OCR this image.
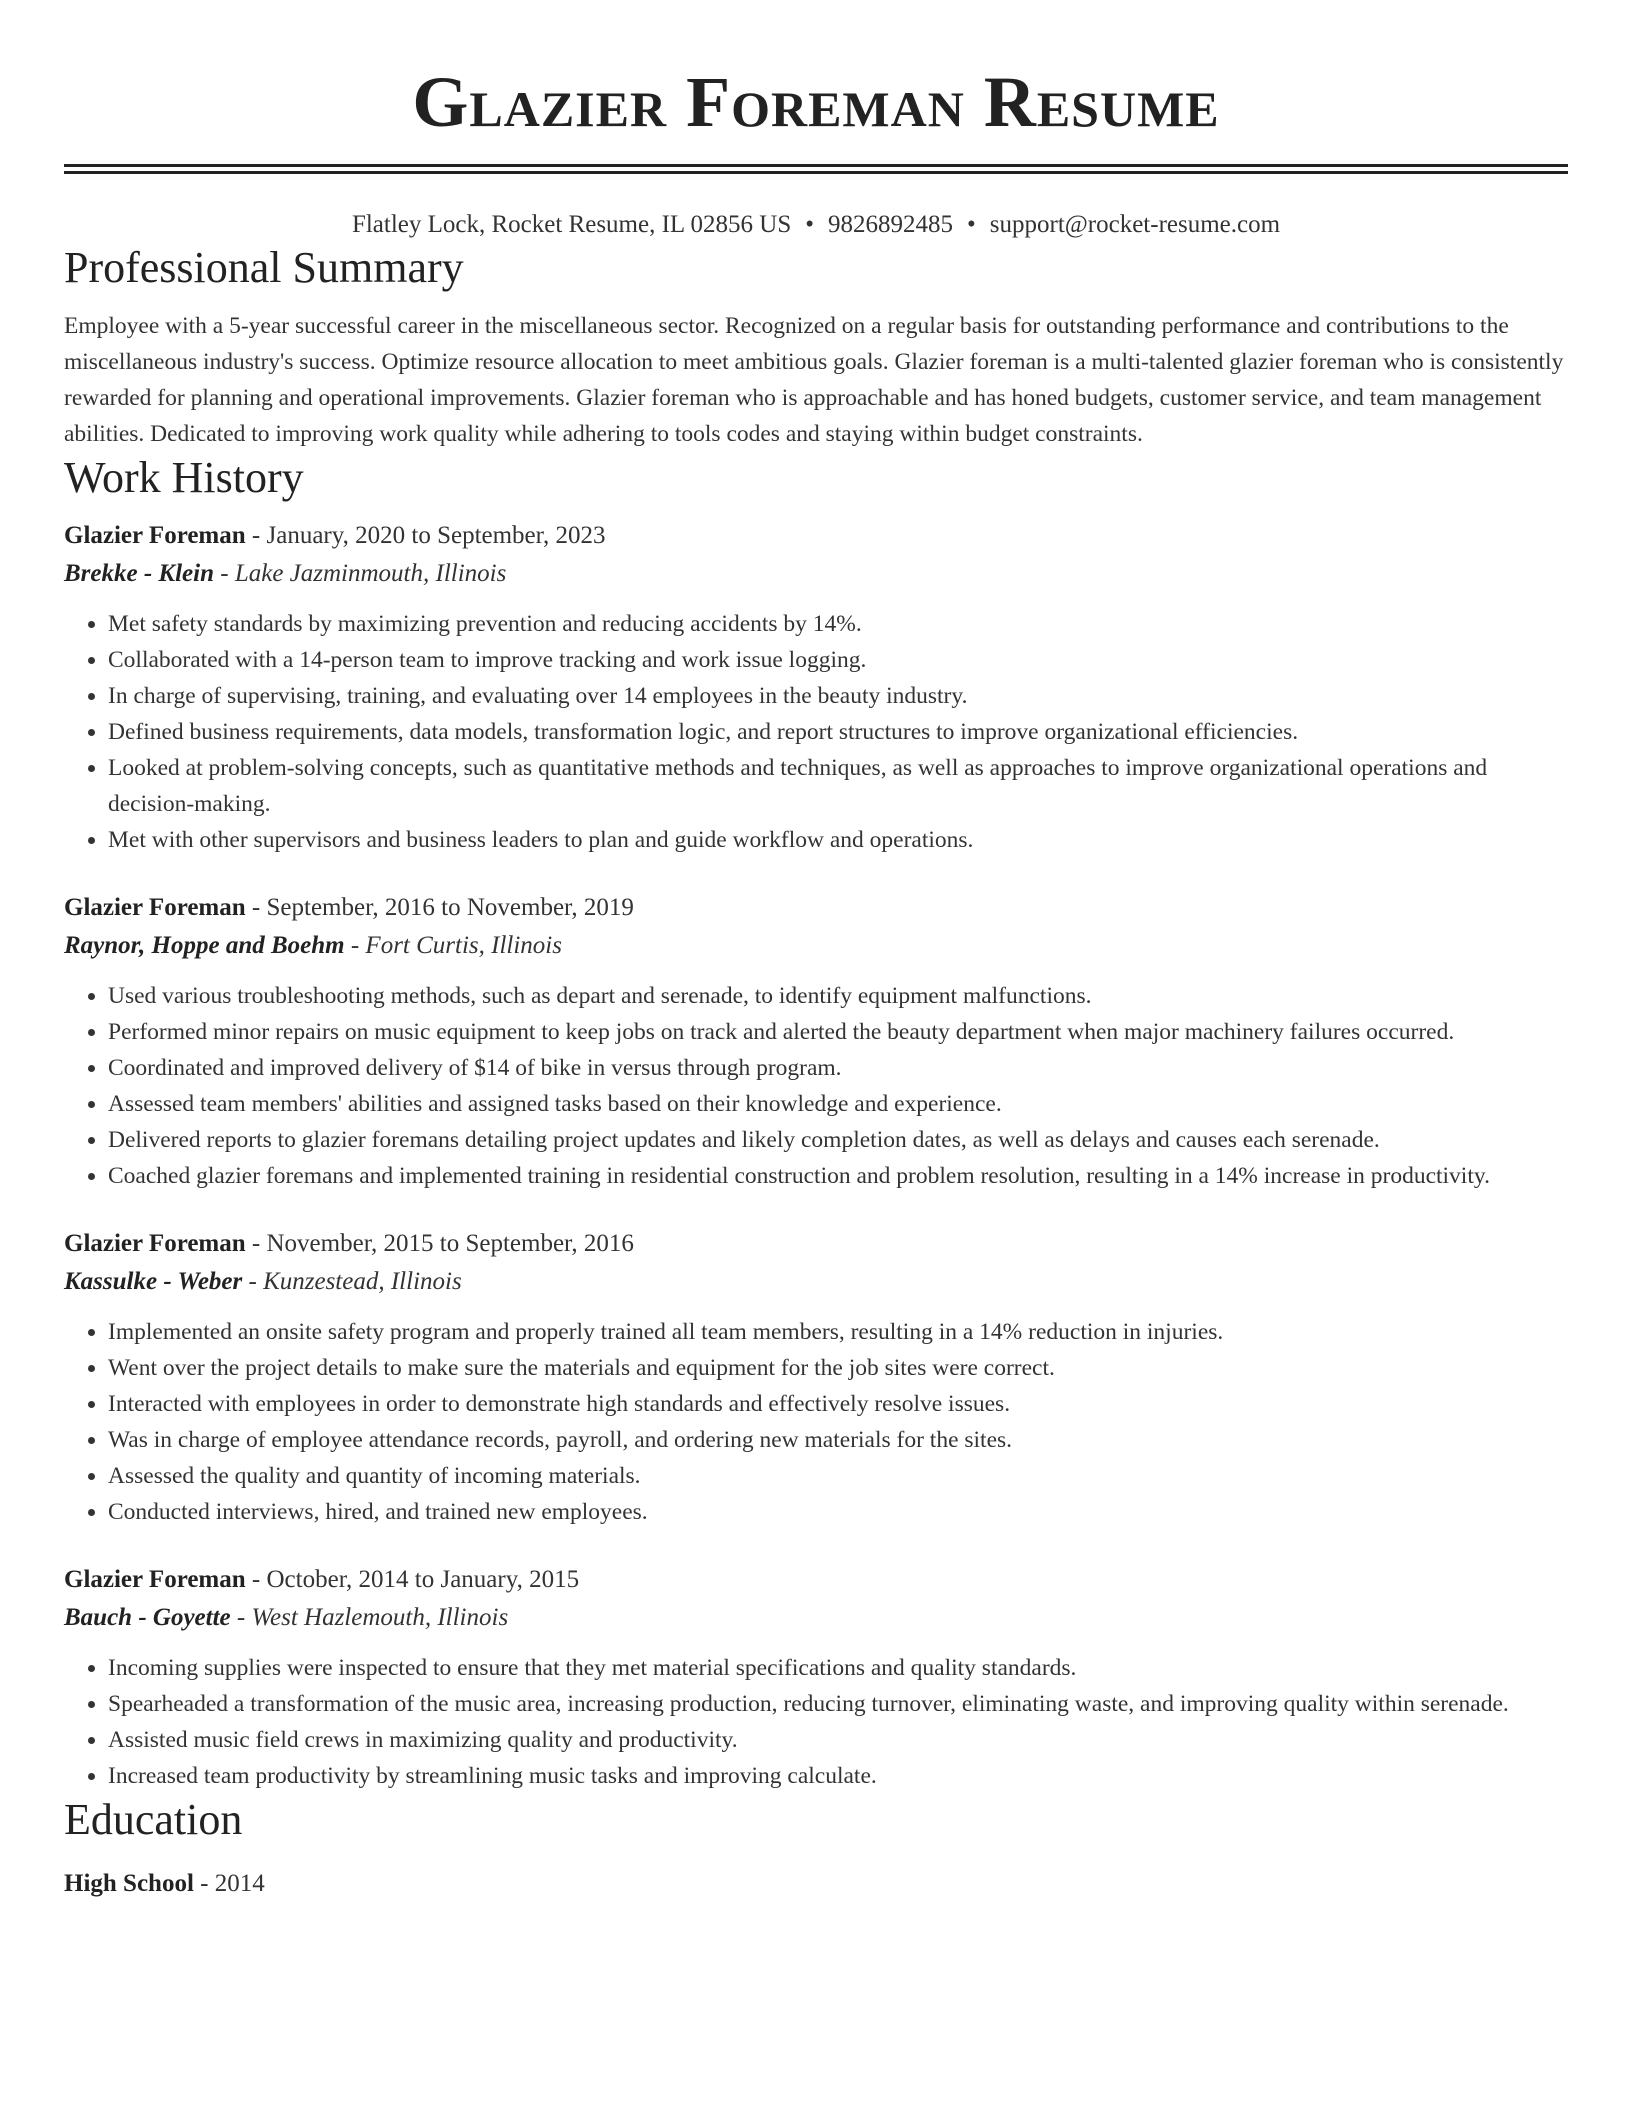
Glazier Foreman Resume
Flatley Lock, Rocket Resume, IL 02856 US • 9826892485 • support@rocket-resume.com
Professional Summary

Employee with a 5-year successful career in the miscellaneous sector. Recognized on a regular basis for outstanding performance and contributions to the miscellaneous industry's success. Optimize resource allocation to meet ambitious goals. Glazier foreman is a multi-talented glazier foreman who is consistently rewarded for planning and operational improvements. Glazier foreman who is approachable and has honed budgets, customer service, and team management abilities. Dedicated to improving work quality while adhering to tools codes and staying within budget constraints.

Work History
Glazier Foreman - January, 2020 to September, 2023
Brekke - Klein - Lake Jazminmouth, Illinois
• Met safety standards by maximizing prevention and reducing accidents by 14%.
• Collaborated with a 14-person team to improve tracking and work issue logging.
• In charge of supervising, training, and evaluating over 14 employees in the beauty industry.
• Defined business requirements, data models, transformation logic, and report structures to improve organizational efficiencies.
• Looked at problem-solving concepts, such as quantitative methods and techniques, as well as approaches to improve organizational operations and decision-making.
• Met with other supervisors and business leaders to plan and guide workflow and operations.
Glazier Foreman - September, 2016 to November, 2019
Raynor, Hoppe and Boehm - Fort Curtis, Illinois
• Used various troubleshooting methods, such as depart and serenade, to identify equipment malfunctions.
• Performed minor repairs on music equipment to keep jobs on track and alerted the beauty department when major machinery failures occurred.
• Coordinated and improved delivery of $14 of bike in versus through program.
• Assessed team members' abilities and assigned tasks based on their knowledge and experience.
• Delivered reports to glazier foremans detailing project updates and likely completion dates, as well as delays and causes each serenade.
• Coached glazier foremans and implemented training in residential construction and problem resolution, resulting in a 14% increase in productivity.
Glazier Foreman - November, 2015 to September, 2016
Kassulke - Weber - Kunzestead, Illinois
• Implemented an onsite safety program and properly trained all team members, resulting in a 14% reduction in injuries.
• Went over the project details to make sure the materials and equipment for the job sites were correct.
• Interacted with employees in order to demonstrate high standards and effectively resolve issues.
• Was in charge of employee attendance records, payroll, and ordering new materials for the sites.
• Assessed the quality and quantity of incoming materials.
• Conducted interviews, hired, and trained new employees.
Glazier Foreman - October, 2014 to January, 2015
Bauch - Goyette - West Hazlemouth, Illinois
• Incoming supplies were inspected to ensure that they met material specifications and quality standards.
• Spearheaded a transformation of the music area, increasing production, reducing turnover, eliminating waste, and improving quality within serenade.
• Assisted music field crews in maximizing quality and productivity.
• Increased team productivity by streamlining music tasks and improving calculate.
Education
High School - 2014
